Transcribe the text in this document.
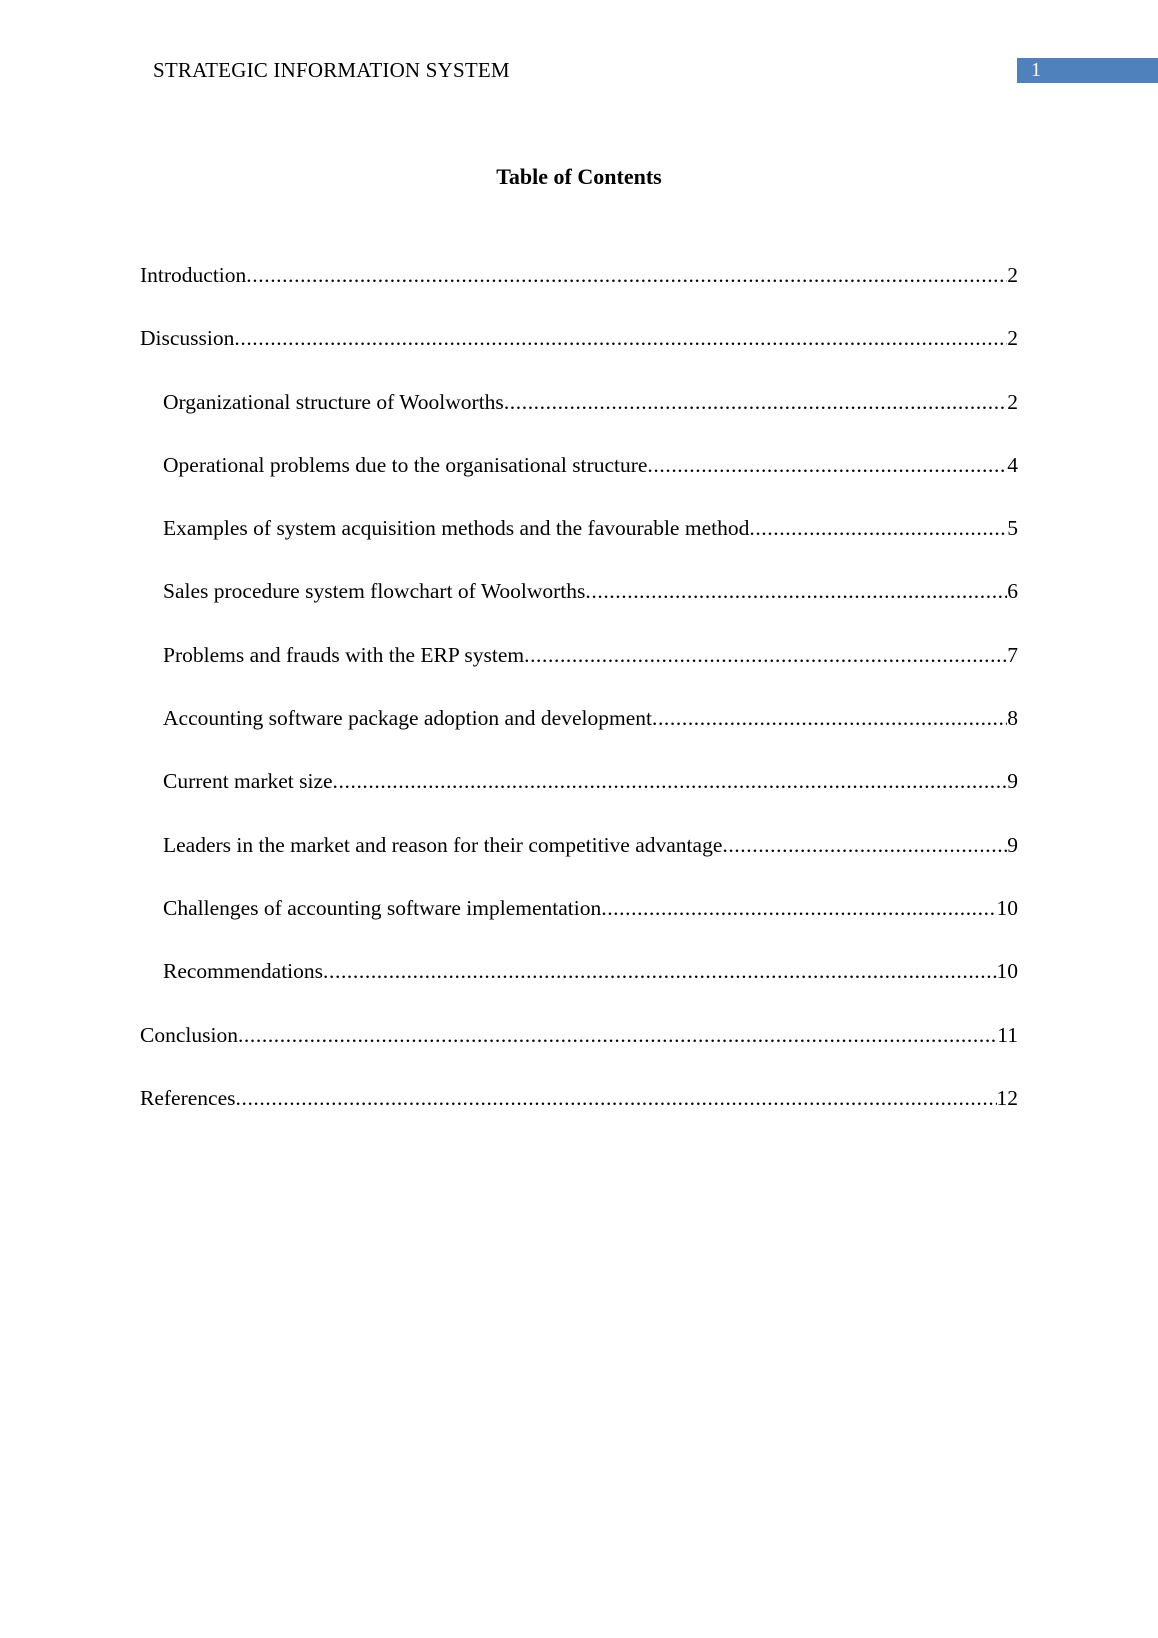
STRATEGIC INFORMATION SYSTEM	1
Table of Contents
Introduction .....	2
Discussion .....	2
Organizational structure of Woolworths .....	2
Operational problems due to the organisational structure .....	4
Examples of system acquisition methods and the favourable method .....	5
Sales procedure system flowchart of Woolworths .....	6
Problems and frauds with the ERP system .....	7
Accounting software package adoption and development .....	8
Current market size .....	9
Leaders in the market and reason for their competitive advantage .....	9
Challenges of accounting software implementation .....	10
Recommendations .....	10
Conclusion .....	11
References .....	12
